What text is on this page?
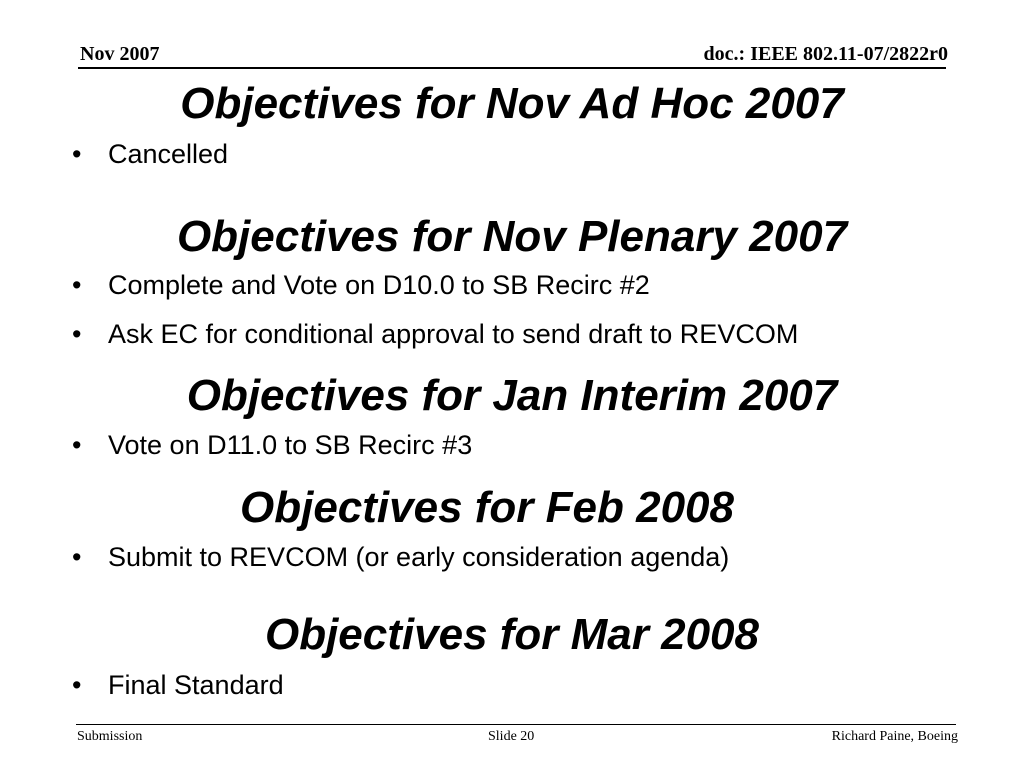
Nov 2007	doc.: IEEE 802.11-07/2822r0
Objectives for Nov Ad Hoc 2007
• Cancelled
Objectives for Nov Plenary 2007
• Complete and Vote on D10.0 to SB Recirc #2
• Ask EC for conditional approval to send draft to REVCOM
Objectives for Jan Interim 2007
• Vote on D11.0 to SB Recirc #3
Objectives for Feb 2008
• Submit to REVCOM (or early consideration agenda)
Objectives for Mar 2008
• Final Standard
Submission	Slide 20	Richard Paine, Boeing
